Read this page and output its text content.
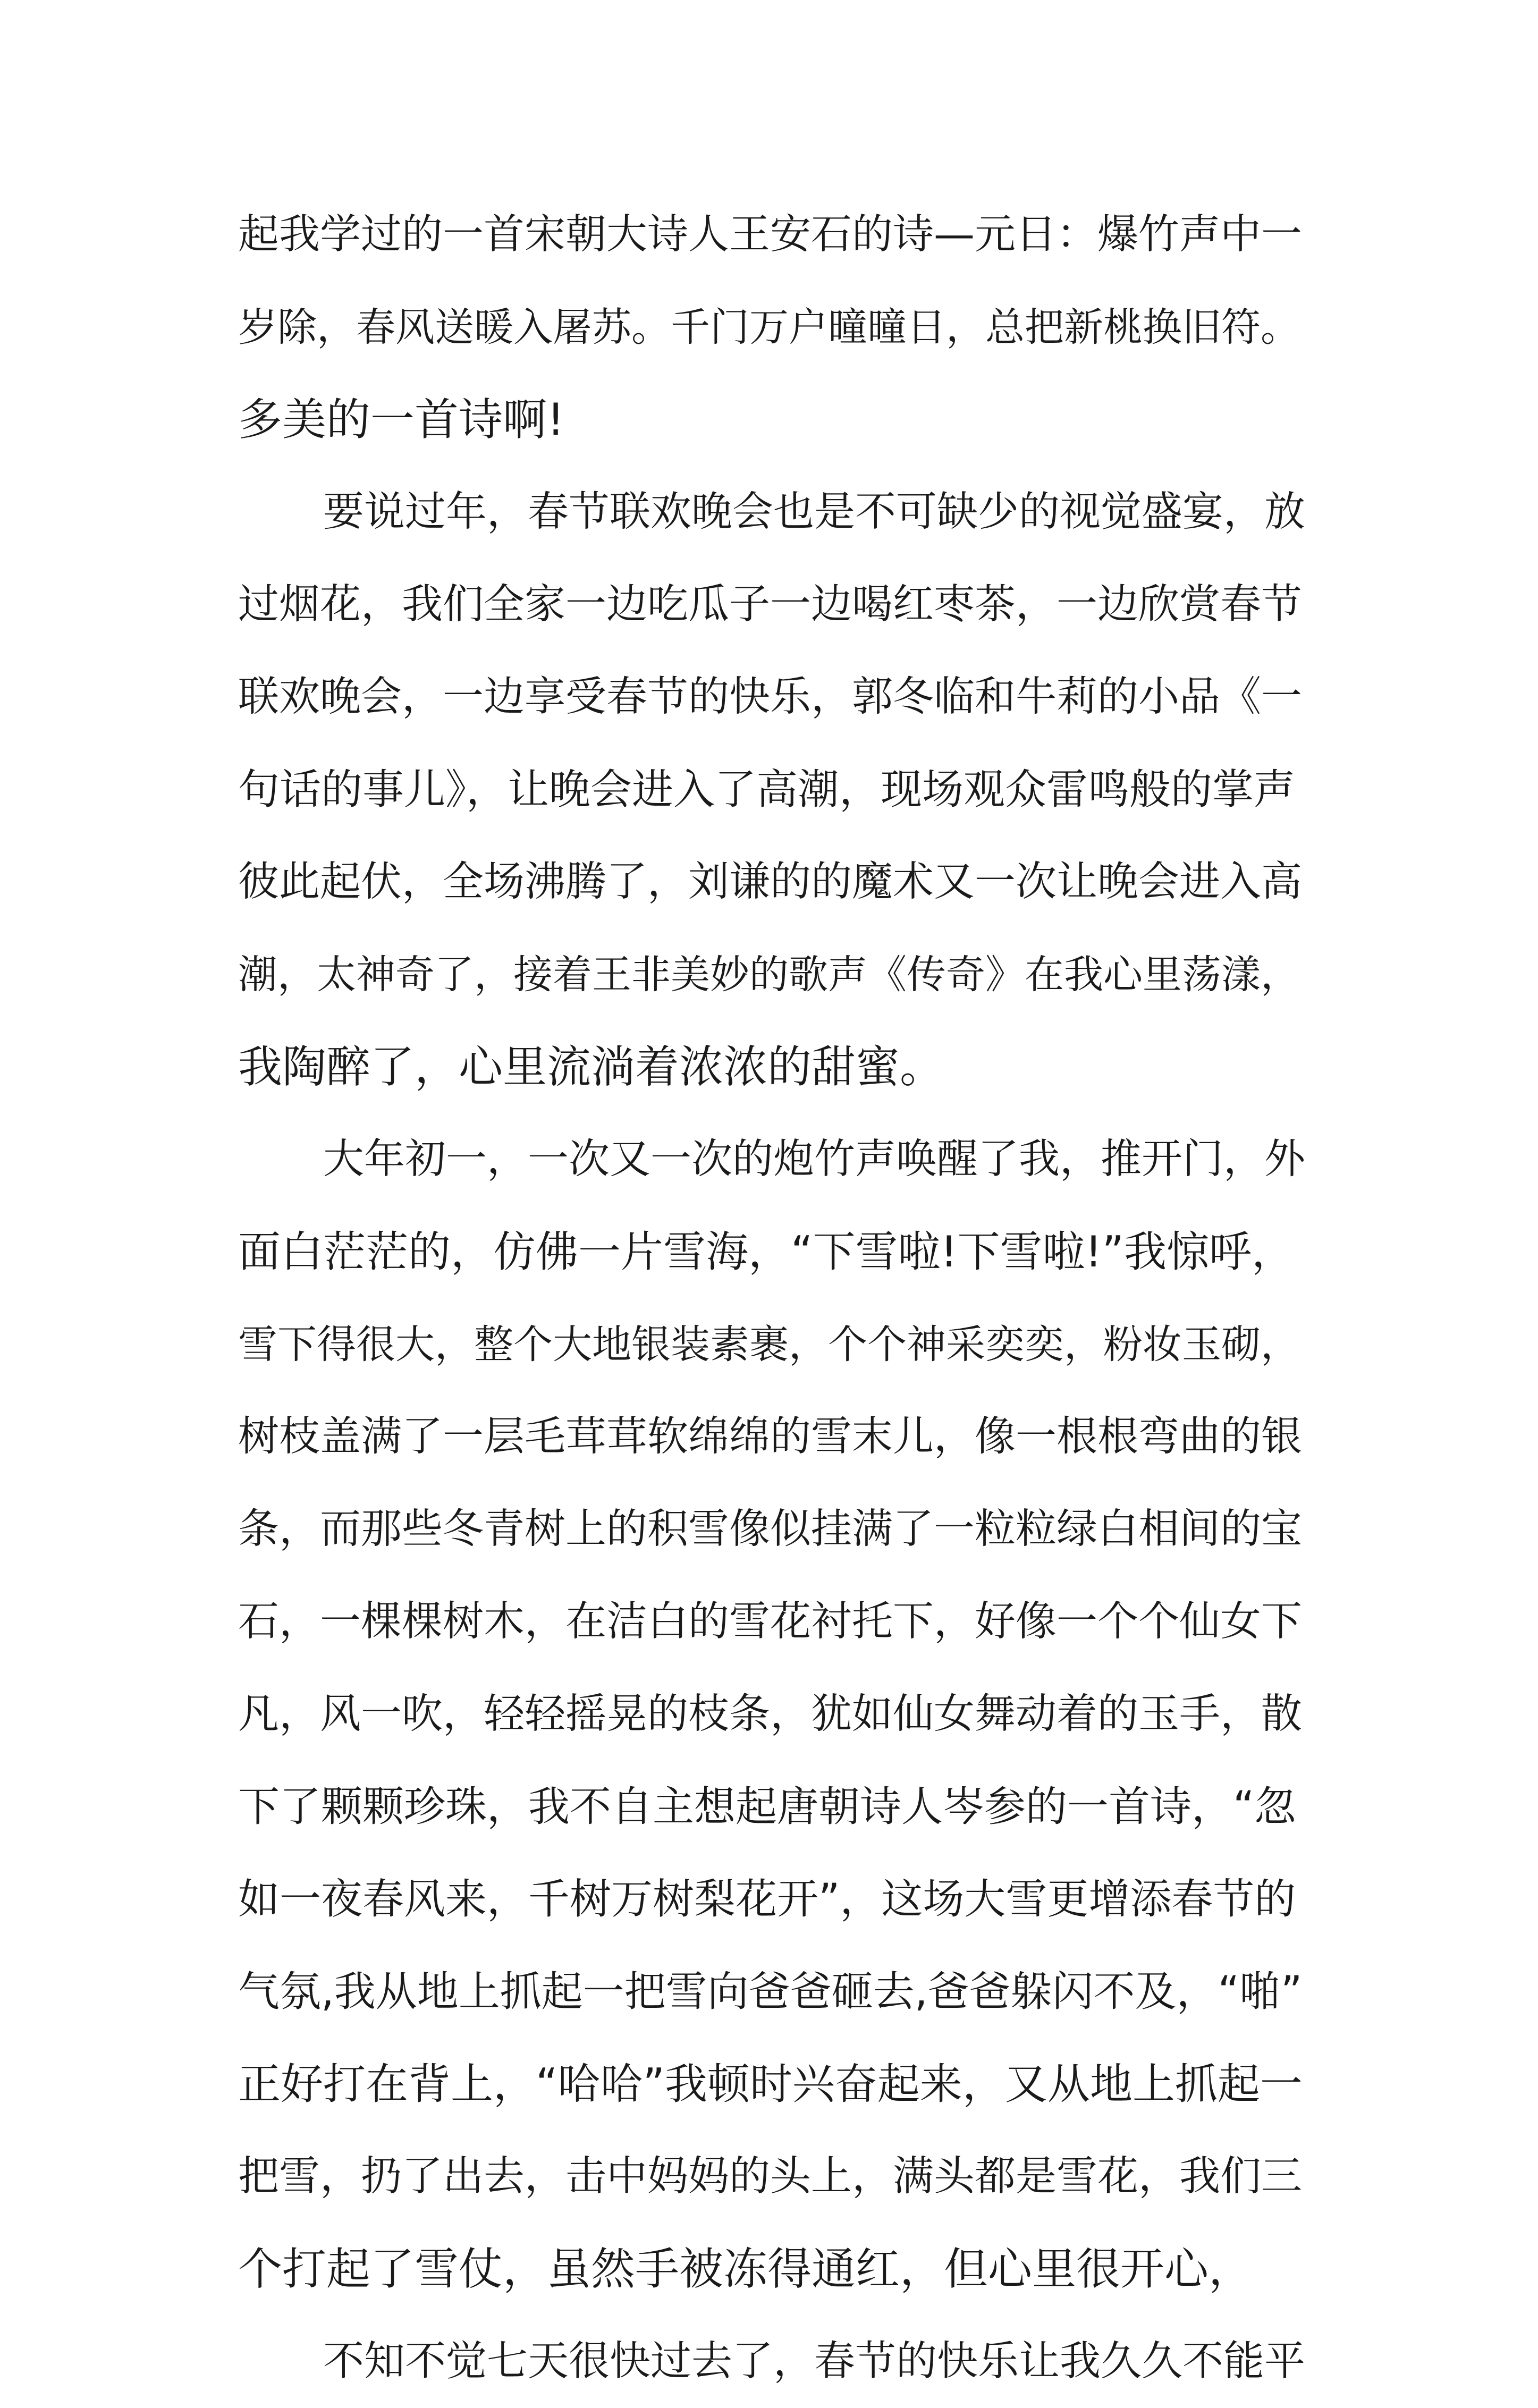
起我学过的一首宋朝大诗人王安石的诗—元日：爆竹声中一
岁除，春风送暖入屠苏。千门万户曈曈日，总把新桃换旧符。
多美的一首诗啊!
要说过年，春节联欢晚会也是不可缺少的视觉盛宴，放
过烟花，我们全家一边吃瓜子一边喝红枣茶，一边欣赏春节
联欢晚会，一边享受春节的快乐，郭冬临和牛莉的小品《一
句话的事儿》，让晚会进入了高潮，现场观众雷鸣般的掌声
彼此起伏，全场沸腾了，刘谦的的魔术又一次让晚会进入高
潮，太神奇了，接着王非美妙的歌声《传奇》在我心里荡漾，
我陶醉了，心里流淌着浓浓的甜蜜。
大年初一，一次又一次的炮竹声唤醒了我，推开门，外
面白茫茫的，仿佛一片雪海，“下雪啦!下雪啦!”我惊呼，
雪下得很大，整个大地银装素裹，个个神采奕奕，粉妆玉砌，
树枝盖满了一层毛茸茸软绵绵的雪末儿，像一根根弯曲的银
条，而那些冬青树上的积雪像似挂满了一粒粒绿白相间的宝
石，一棵棵树木，在洁白的雪花衬托下，好像一个个仙女下
凡，风一吹，轻轻摇晃的枝条，犹如仙女舞动着的玉手，散
下了颗颗珍珠，我不自主想起唐朝诗人岑参的一首诗，“忽
如一夜春风来，千树万树梨花开”，这场大雪更增添春节的
气氛,我从地上抓起一把雪向爸爸砸去,爸爸躲闪不及，“啪”
正好打在背上，“哈哈”我顿时兴奋起来，又从地上抓起一
把雪，扔了出去，击中妈妈的头上，满头都是雪花，我们三
个打起了雪仗，虽然手被冻得通红，但心里很开心，
不知不觉七天很快过去了，春节的快乐让我久久不能平
